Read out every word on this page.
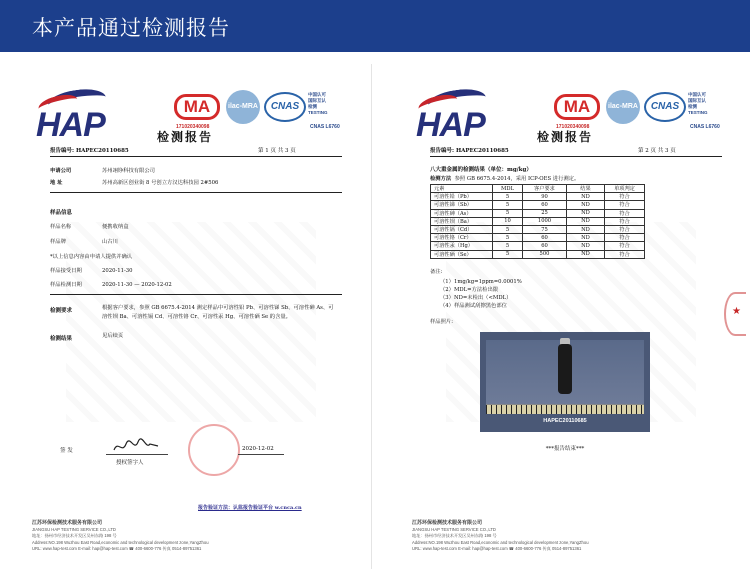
本产品通过检测报告
HAP	MA	ilac-MRA	CNAS
中国认可
国际互认
检测
TESTING
171020340098	CNAS L6760
检测报告
报告编号: HAPEC20110685	第 1 页 共 3 页
申请公司	苏州翊铮科技有限公司
地 址	苏州高新区创业街 8 号创立方汉达科技园 2#506
样品信息
样品名称	便携收纳盒
样品牌	山古川
*以上信息内容由申请人提供并确认
样品接受日期	2020-11-30
样品检测日期	2020-11-30 — 2020-12-02
检测要求	根据客户要求，参照 GB 6675.4-2014 测定样品中可溶性铅 Pb、可溶性锑 Sb、可溶性砷 As、可溶性钡 Ba、可溶性镉 Cd、可溶性铬 Cr、可溶性汞 Hg、可溶性硒 Se 的含量。
检测结果	见后续页
签 发
授权签字人
2020-12-02
报告验证方法：认监报告验证平台 w.cnca.cn
江苏环保检测技术服务有限公司
JIANGSU HAP TESTING SERVICE CO.,LTD
地址：扬州市经济技术开发区吴州东路 198 号
Address:NO.198 Wuzhou East Road,economic and technological development zone,YangZhou
URL: www.hap-test.com E-mail: hap@hap-test.com ☎ 400-6600-776 传真 0514-89751361
HAP	MA	ilac-MRA	CNAS
中国认可
国际互认
检测
TESTING
171020340098	CNAS L6760
检测报告
报告编号: HAPEC20110685	第 2 页 共 3 页
八大重金属的检测结果（单位：mg/kg）
检测方法 参照 GB 6675.4-2014，采用 ICP-OES 进行测定。
元素	MDL	客户要求	结果	单项判定
可溶性铅（Pb）	5	90	ND	符合
可溶性锑（Sb）	5	60	ND	符合
可溶性砷（As）	5	25	ND	符合
可溶性钡（Ba）	10	1000	ND	符合
可溶性镉（Cd）	5	75	ND	符合
可溶性铬（Cr）	5	60	ND	符合
可溶性汞（Hg）	5	60	ND	符合
可溶性硒（Se）	5	500	ND	符合
备注:
（1）1mg/kg=1ppm=0.0001%
（2）MDL=方法检出限
（3）ND=未检出（<MDL）
（4）样品测试刮擦黑色部位
样品照片:
HAPEC20110685
***报告结束***
★
江苏环保检测技术服务有限公司
JIANGSU HAP TESTING SERVICE CO.,LTD
地址：扬州市经济技术开发区吴州东路 198 号
Address:NO.198 Wuzhou East Road,economic and technological development zone,YangZhou
URL: www.hap-test.com E-mail: hap@hap-test.com ☎ 400-6600-776 传真 0514-89751361
